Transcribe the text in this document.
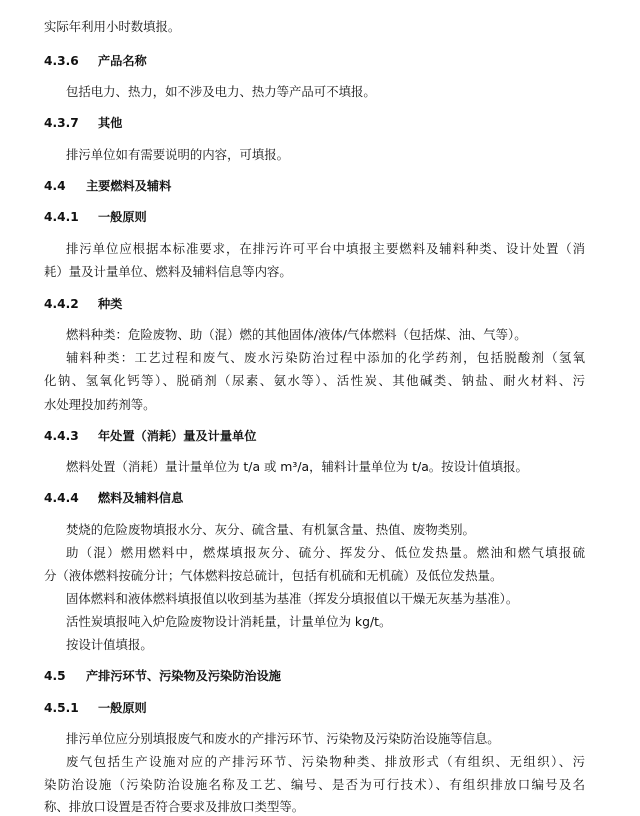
实际年利用小时数填报。
4.3.6 产品名称
包括电力、热力，如不涉及电力、热力等产品可不填报。
4.3.7 其他
排污单位如有需要说明的内容，可填报。
4.4 主要燃料及辅料
4.4.1 一般原则
排污单位应根据本标准要求，在排污许可平台中填报主要燃料及辅料种类、设计处置（消
耗）量及计量单位、燃料及辅料信息等内容。
4.4.2 种类
燃料种类：危险废物、助（混）燃的其他固体/液体/气体燃料（包括煤、油、气等）。
辅料种类：工艺过程和废气、废水污染防治过程中添加的化学药剂，包括脱酸剂（氢氧
化钠、氢氧化钙等）、脱硝剂（尿素、氨水等）、活性炭、其他碱类、钠盐、耐火材料、污
水处理投加药剂等。
4.4.3 年处置（消耗）量及计量单位
燃料处置（消耗）量计量单位为 t/a 或 m³/a，辅料计量单位为 t/a。按设计值填报。
4.4.4 燃料及辅料信息
焚烧的危险废物填报水分、灰分、硫含量、有机氯含量、热值、废物类别。
助（混）燃用燃料中，燃煤填报灰分、硫分、挥发分、低位发热量。燃油和燃气填报硫
分（液体燃料按硫分计；气体燃料按总硫计，包括有机硫和无机硫）及低位发热量。
固体燃料和液体燃料填报值以收到基为基准（挥发分填报值以干燥无灰基为基准）。
活性炭填报吨入炉危险废物设计消耗量，计量单位为 kg/t。
按设计值填报。
4.5 产排污环节、污染物及污染防治设施
4.5.1 一般原则
排污单位应分别填报废气和废水的产排污环节、污染物及污染防治设施等信息。
废气包括生产设施对应的产排污环节、污染物种类、排放形式（有组织、无组织）、污
染防治设施（污染防治设施名称及工艺、编号、是否为可行技术）、有组织排放口编号及名
称、排放口设置是否符合要求及排放口类型等。
